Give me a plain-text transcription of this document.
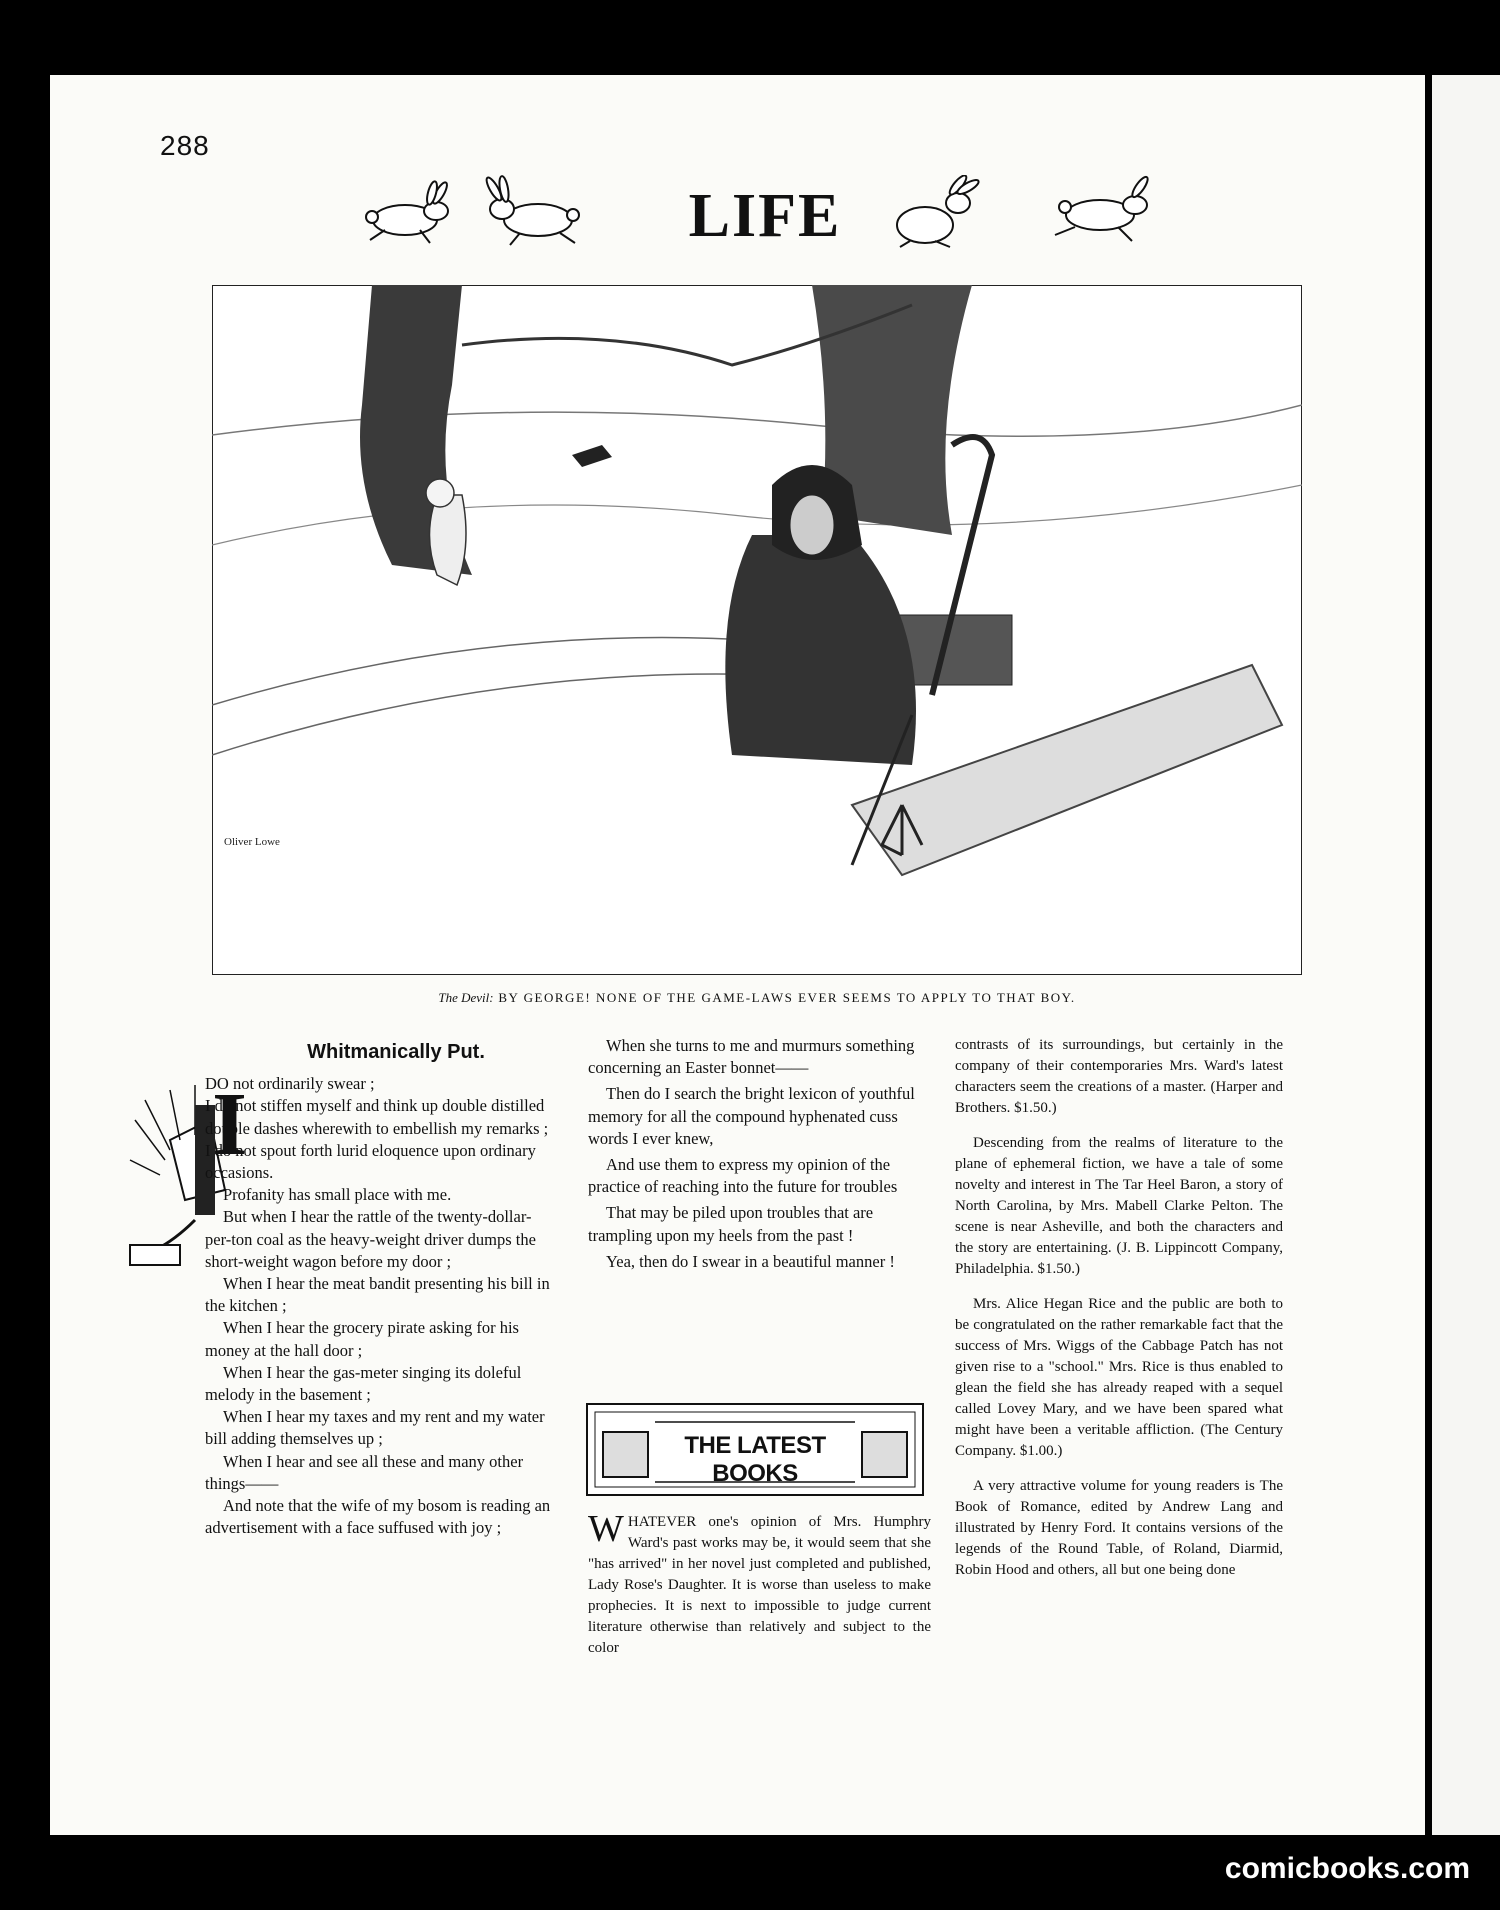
288
LIFE
Oliver Lowe
The Devil: BY GEORGE! NONE OF THE GAME-LAWS EVER SEEMS TO APPLY TO THAT BOY.
Whitmanically Put.

DO not ordinarily swear ;

I do not stiffen myself and think up double distilled double dashes wherewith to embellish my remarks ;

I do not spout forth lurid eloquence upon ordinary occasions.

Profanity has small place with me.

But when I hear the rattle of the twenty-dollar-per-ton coal as the heavy-weight driver dumps the short-weight wagon before my door ;

When I hear the meat bandit presenting his bill in the kitchen ;

When I hear the grocery pirate asking for his money at the hall door ;

When I hear the gas-meter singing its doleful melody in the basement ;

When I hear my taxes and my rent and my water bill adding themselves up ;

When I hear and see all these and many other things——

And note that the wife of my bosom is reading an advertisement with a face suffused with joy ;

I

When she turns to me and murmurs something concerning an Easter bonnet——

Then do I search the bright lexicon of youthful memory for all the compound hyphenated cuss words I ever knew,

And use them to express my opinion of the practice of reaching into the future for troubles

That may be piled upon troubles that are trampling upon my heels from the past !

Yea, then do I swear in a beautiful manner !

THE LATEST BOOKS

WHATEVER one's opinion of Mrs. Humphry Ward's past works may be, it would seem that she "has arrived" in her novel just completed and published, Lady Rose's Daughter. It is worse than useless to make prophecies. It is next to impossible to judge current literature otherwise than relatively and subject to the color

contrasts of its surroundings, but certainly in the company of their contemporaries Mrs. Ward's latest characters seem the creations of a master. (Harper and Brothers. $1.50.)

Descending from the realms of literature to the plane of ephemeral fiction, we have a tale of some novelty and interest in The Tar Heel Baron, a story of North Carolina, by Mrs. Mabell Clarke Pelton. The scene is near Asheville, and both the characters and the story are entertaining. (J. B. Lippincott Company, Philadelphia. $1.50.)

Mrs. Alice Hegan Rice and the public are both to be congratulated on the rather remarkable fact that the success of Mrs. Wiggs of the Cabbage Patch has not given rise to a "school." Mrs. Rice is thus enabled to glean the field she has already reaped with a sequel called Lovey Mary, and we have been spared what might have been a veritable affliction. (The Century Company. $1.00.)

A very attractive volume for young readers is The Book of Romance, edited by Andrew Lang and illustrated by Henry Ford. It contains versions of the legends of the Round Table, of Roland, Diarmid, Robin Hood and others, all but one being done

comicbooks.com
